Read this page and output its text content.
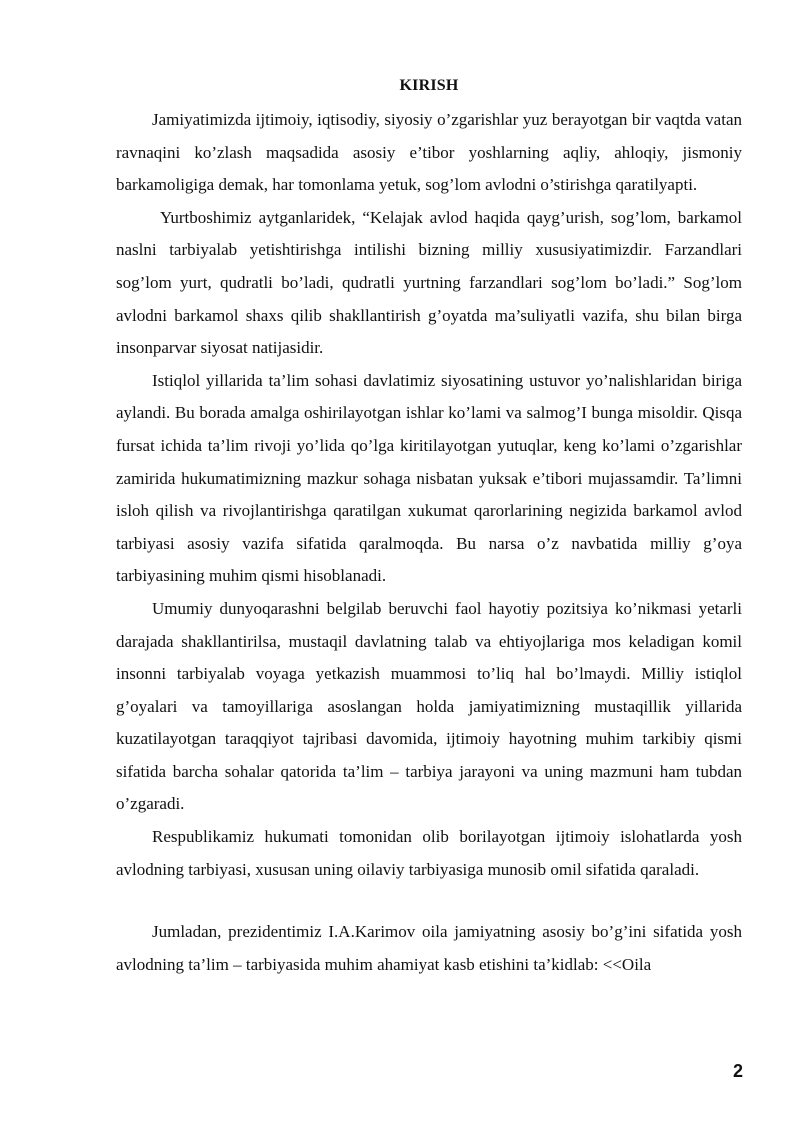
KIRISH

Jamiyatimizda ijtimoiy, iqtisodiy, siyosiy o’zgarishlar yuz berayotgan bir vaqtda vatan ravnaqini ko’zlash maqsadida asosiy e’tibor yoshlarning aqliy, ahloqiy, jismoniy barkamoligiga demak, har tomonlama yetuk, sog’lom avlodni o’stirishga qaratilyapti.

Yurtboshimiz aytganlaridek, “Kelajak avlod haqida qayg’urish, sog’lom, barkamol naslni tarbiyalab yetishtirishga intilishi bizning milliy xususiyatimizdir. Farzandlari sog’lom yurt, qudratli bo’ladi, qudratli yurtning farzandlari sog’lom bo’ladi.” Sog’lom avlodni barkamol shaxs qilib shakllantirish g’oyatda ma’suliyatli vazifa, shu bilan birga insonparvar siyosat natijasidir.

Istiqlol yillarida ta’lim sohasi davlatimiz siyosatining ustuvor yo’nalishlaridan biriga aylandi. Bu borada amalga oshirilayotgan ishlar ko’lami va salmog’I bunga misoldir. Qisqa fursat ichida ta’lim rivoji yo’lida qo’lga kiritilayotgan yutuqlar, keng ko’lami o’zgarishlar zamirida hukumatimizning mazkur sohaga nisbatan yuksak e’tibori mujassamdir. Ta’limni isloh qilish va rivojlantirishga qaratilgan xukumat qarorlarining negizida barkamol avlod tarbiyasi asosiy vazifa sifatida qaralmoqda. Bu narsa o’z navbatida milliy g’oya tarbiyasining muhim qismi hisoblanadi.

Umumiy dunyoqarashni belgilab beruvchi faol hayotiy pozitsiya ko’nikmasi yetarli darajada shakllantirilsa, mustaqil davlatning talab va ehtiyojlariga mos keladigan komil insonni tarbiyalab voyaga yetkazish muammosi to’liq hal bo’lmaydi. Milliy istiqlol g’oyalari va tamoyillariga asoslangan holda jamiyatimizning mustaqillik yillarida kuzatilayotgan taraqqiyot tajribasi davomida, ijtimoiy hayotning muhim tarkibiy qismi sifatida barcha sohalar qatorida ta’lim – tarbiya jarayoni va uning mazmuni ham tubdan o’zgaradi.

Respublikamiz hukumati tomonidan olib borilayotgan ijtimoiy islohatlarda yosh avlodning tarbiyasi, xususan uning oilaviy tarbiyasiga munosib omil sifatida qaraladi.

Jumladan, prezidentimiz I.A.Karimov oila jamiyatning asosiy bo’g’ini sifatida yosh avlodning ta’lim – tarbiyasida muhim ahamiyat kasb etishini ta’kidlab: <<Oila

2
